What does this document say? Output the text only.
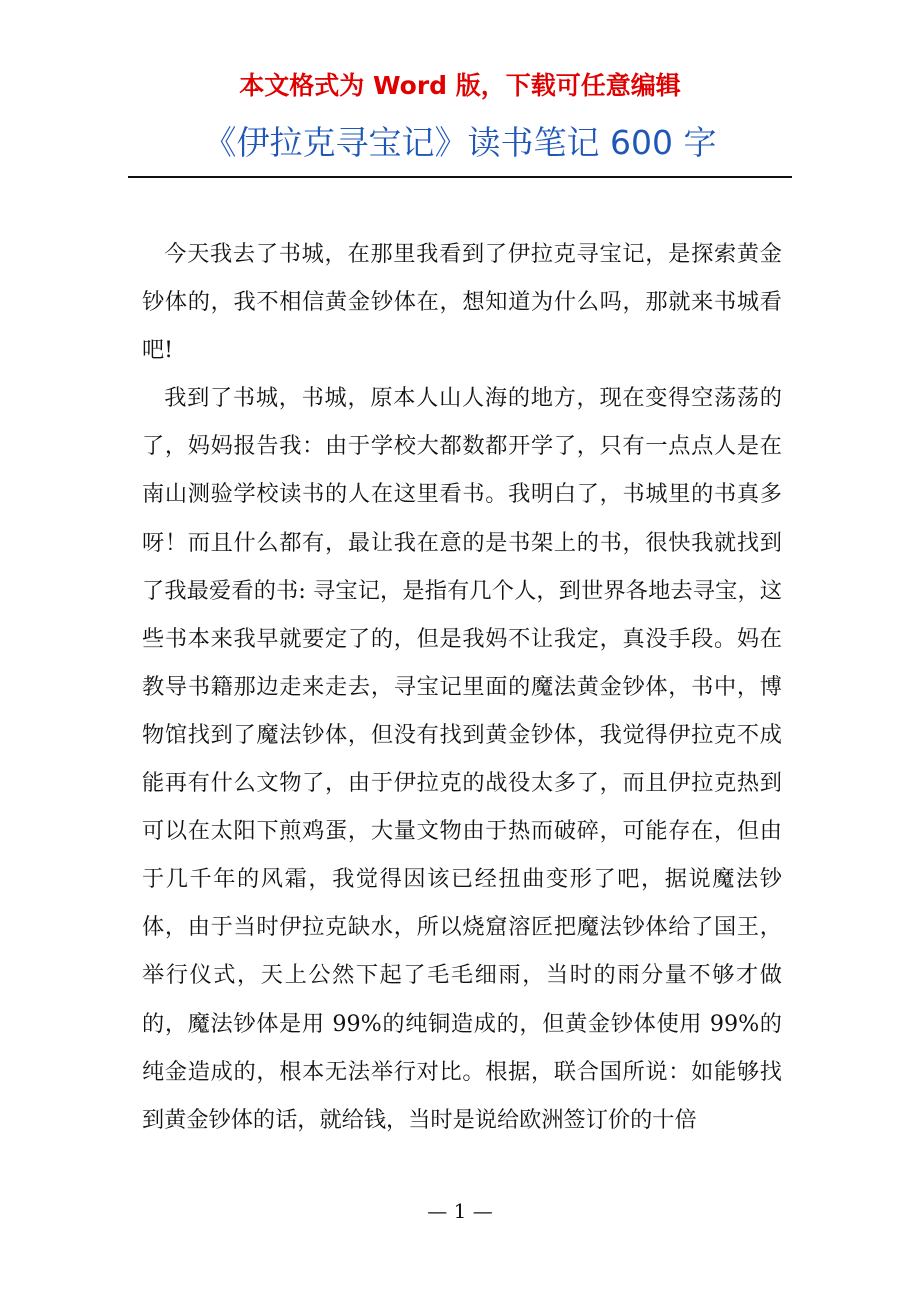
本文格式为 Word 版，下载可任意编辑
《伊拉克寻宝记》读书笔记 600 字

今天我去了书城，在那里我看到了伊拉克寻宝记，是探索黄金钞体的，我不相信黄金钞体在，想知道为什么吗，那就来书城看吧!

我到了书城，书城，原本人山人海的地方，现在变得空荡荡的了，妈妈报告我：由于学校大都数都开学了，只有一点点人是在南山测验学校读书的人在这里看书。我明白了，书城里的书真多呀！而且什么都有，最让我在意的是书架上的书，很快我就找到了我最爱看的书: 寻宝记，是指有几个人，到世界各地去寻宝，这些书本来我早就要定了的，但是我妈不让我定，真没手段。妈在教导书籍那边走来走去，寻宝记里面的魔法黄金钞体，书中，博物馆找到了魔法钞体，但没有找到黄金钞体，我觉得伊拉克不成能再有什么文物了，由于伊拉克的战役太多了，而且伊拉克热到可以在太阳下煎鸡蛋，大量文物由于热而破碎，可能存在，但由于几千年的风霜，我觉得因该已经扭曲变形了吧，据说魔法钞体，由于当时伊拉克缺水，所以烧窟溶匠把魔法钞体给了国王，举行仪式，天上公然下起了毛毛细雨，当时的雨分量不够才做的，魔法钞体是用 99%的纯铜造成的，但黄金钞体使用 99%的纯金造成的，根本无法举行对比。根据，联合国所说：如能够找到黄金钞体的话，就给钱，当时是说给欧洲签订价的十倍

— 1 —
